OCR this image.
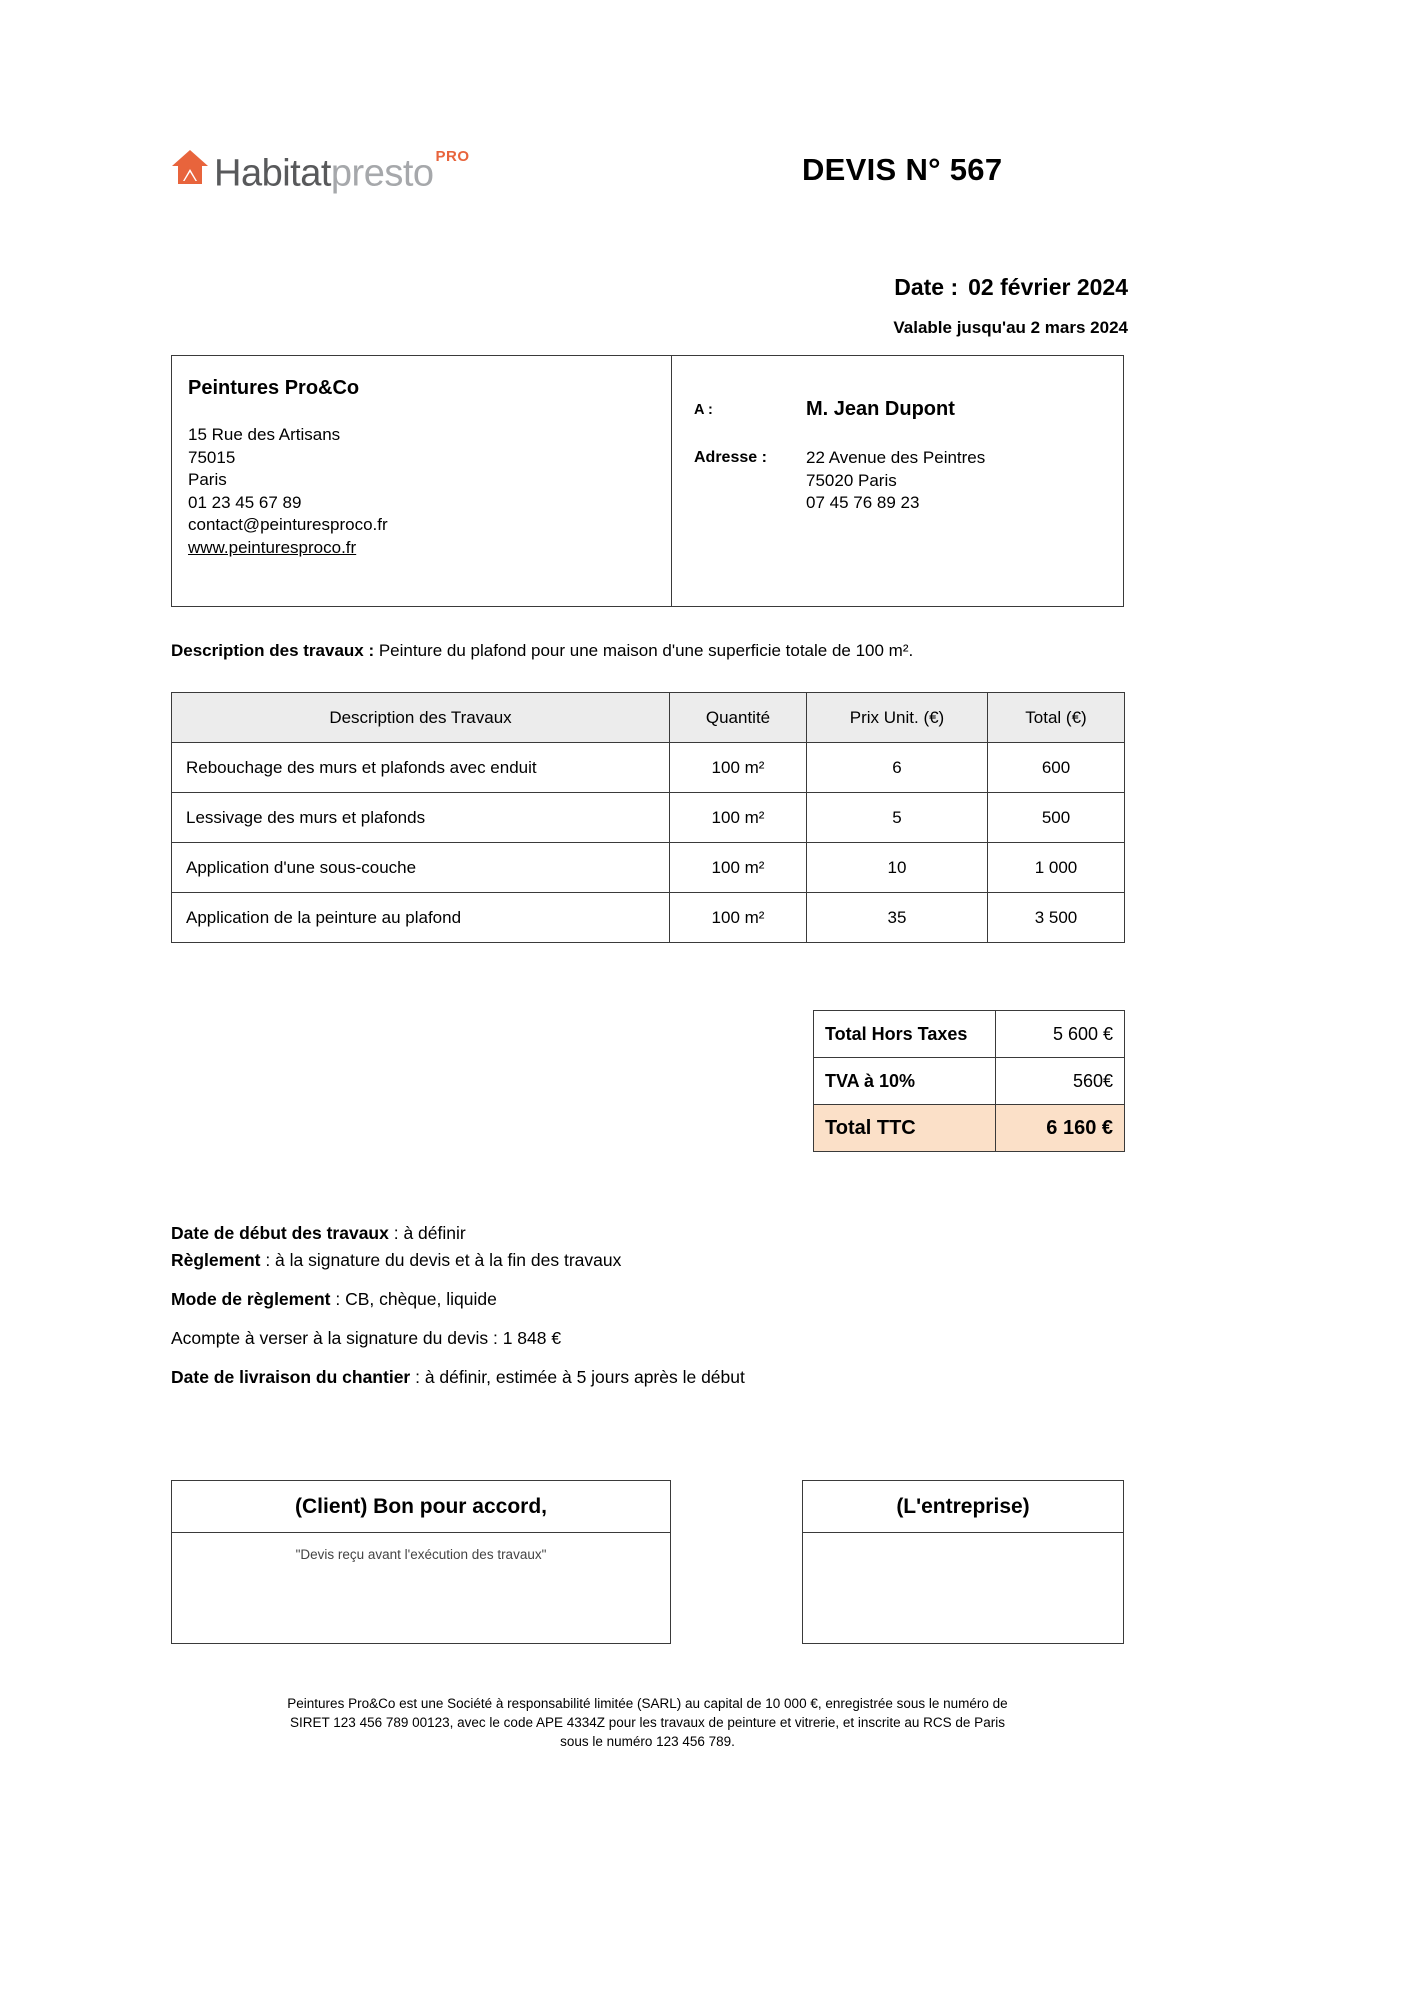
Habitatpresto $^{PRO}$	DEVIS N° 567
Date : 02 février 2024
Valable jusqu'au 2 mars 2024
Peintures Pro&Co
15 Rue des Artisans
75015
Paris
01 23 45 67 89
contact@peinturesproco.fr
www.peinturesproco.fr
A :	M. Jean Dupont
Adresse :	22 Avenue des Peintres
75020 Paris
07 45 76 89 23
Description des travaux : Peinture du plafond pour une maison d'une superficie totale de 100 m².
Description des Travaux	Quantité	Prix Unit. (€)	Total (€)
Rebouchage des murs et plafonds avec enduit	100 m²	6	600
Lessivage des murs et plafonds	100 m²	5	500
Application d'une sous-couche	100 m²	10	1 000
Application de la peinture au plafond	100 m²	35	3 500
Total Hors Taxes	5 600 €
TVA à 10%	560€
Total TTC	6 160 €
Date de début des travaux : à définir
Règlement : à la signature du devis et à la fin des travaux
Mode de règlement : CB, chèque, liquide
Acompte à verser à la signature du devis : 1 848 €
Date de livraison du chantier : à définir, estimée à 5 jours après le début
(Client) Bon pour accord,
"Devis reçu avant l'exécution des travaux"
(L'entreprise)
Peintures Pro&Co est une Société à responsabilité limitée (SARL) au capital de 10 000 €, enregistrée sous le numéro de
SIRET 123 456 789 00123, avec le code APE 4334Z pour les travaux de peinture et vitrerie, et inscrite au RCS de Paris
sous le numéro 123 456 789.
